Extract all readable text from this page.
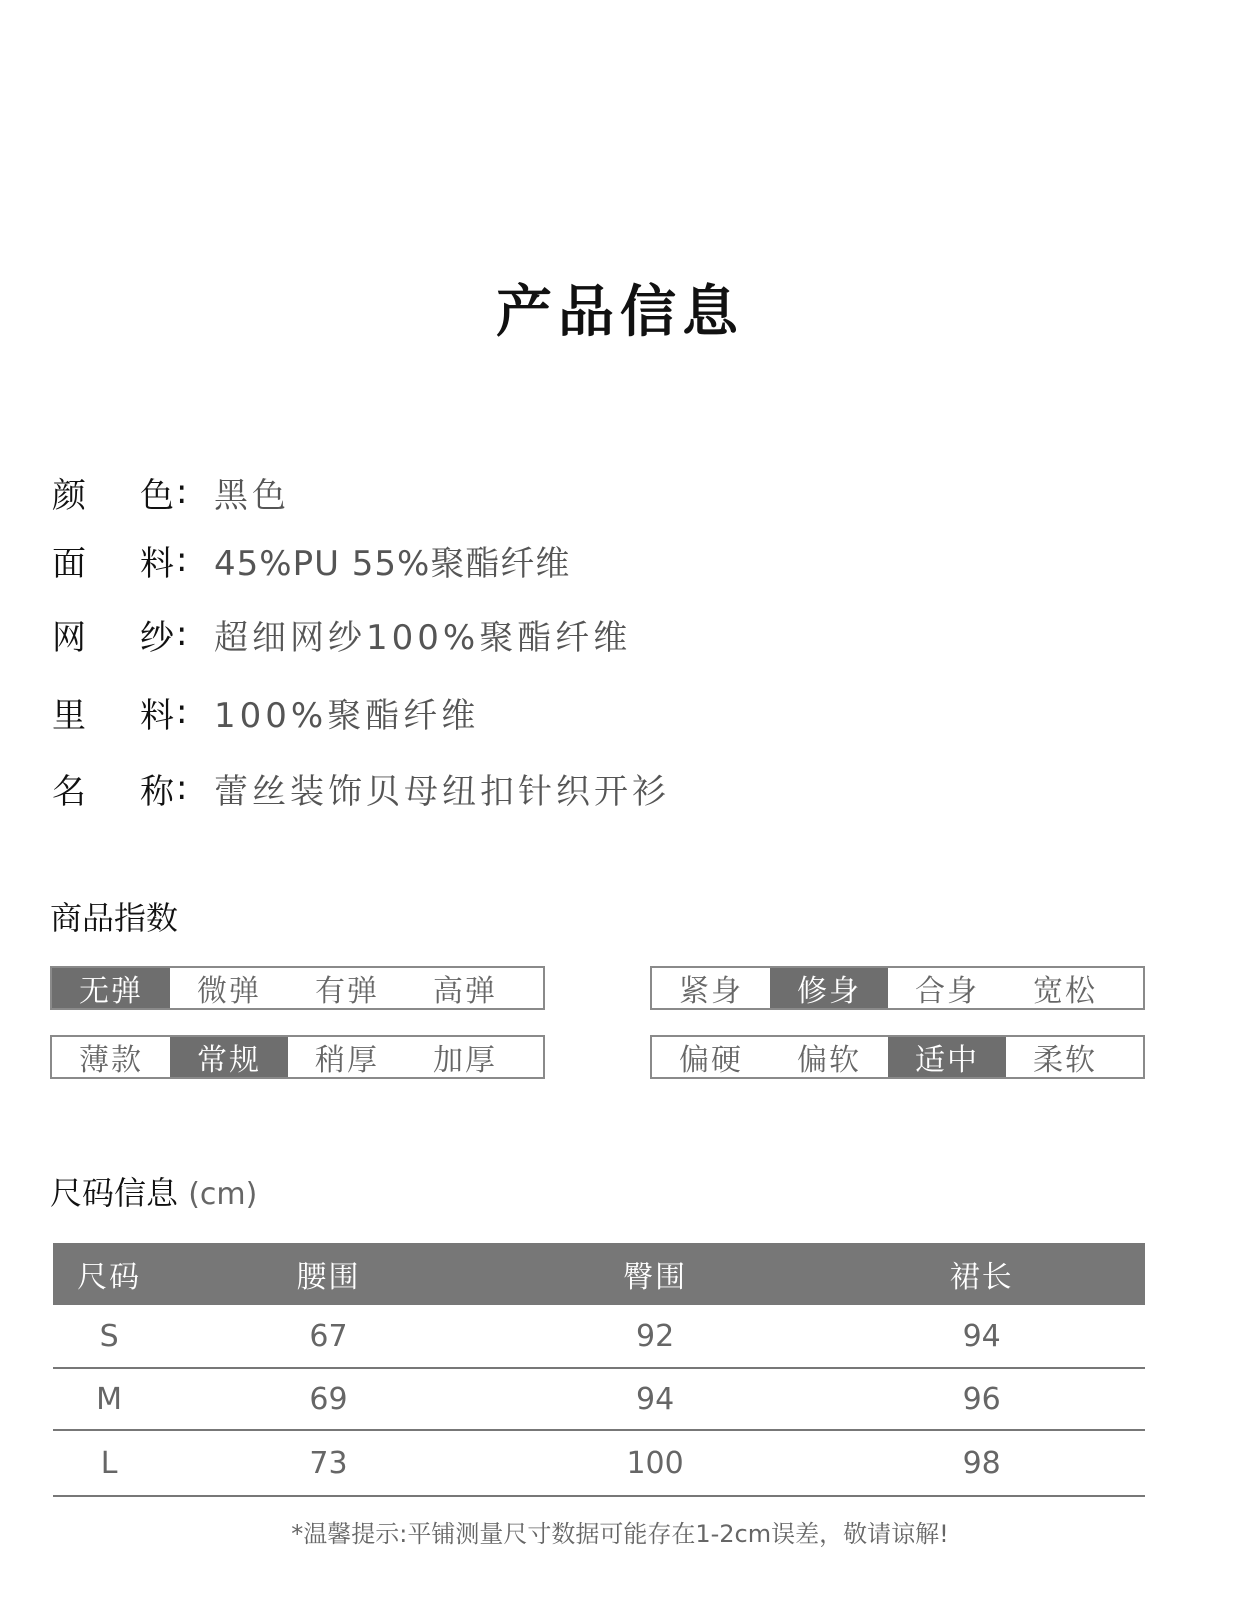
产品信息
颜	色
: 黑色
面	料
: 45%PU 55%聚酯纤维
网	纱
: 超细网纱100%聚酯纤维
里	料
: 100%聚酯纤维
名	称
: 蕾丝装饰贝母纽扣针织开衫
商品指数
无弹	微弹	有弹	高弹	紧身	修身	合身	宽松
薄款	常规	稍厚	加厚	偏硬	偏软	适中	柔软
尺码信息 (cm)
尺码	腰围	臀围	裙长
S	67	92	94
M	69	94	96
L	73	100	98
*温馨提示:平铺测量尺寸数据可能存在1-2cm误差，敬请谅解!
